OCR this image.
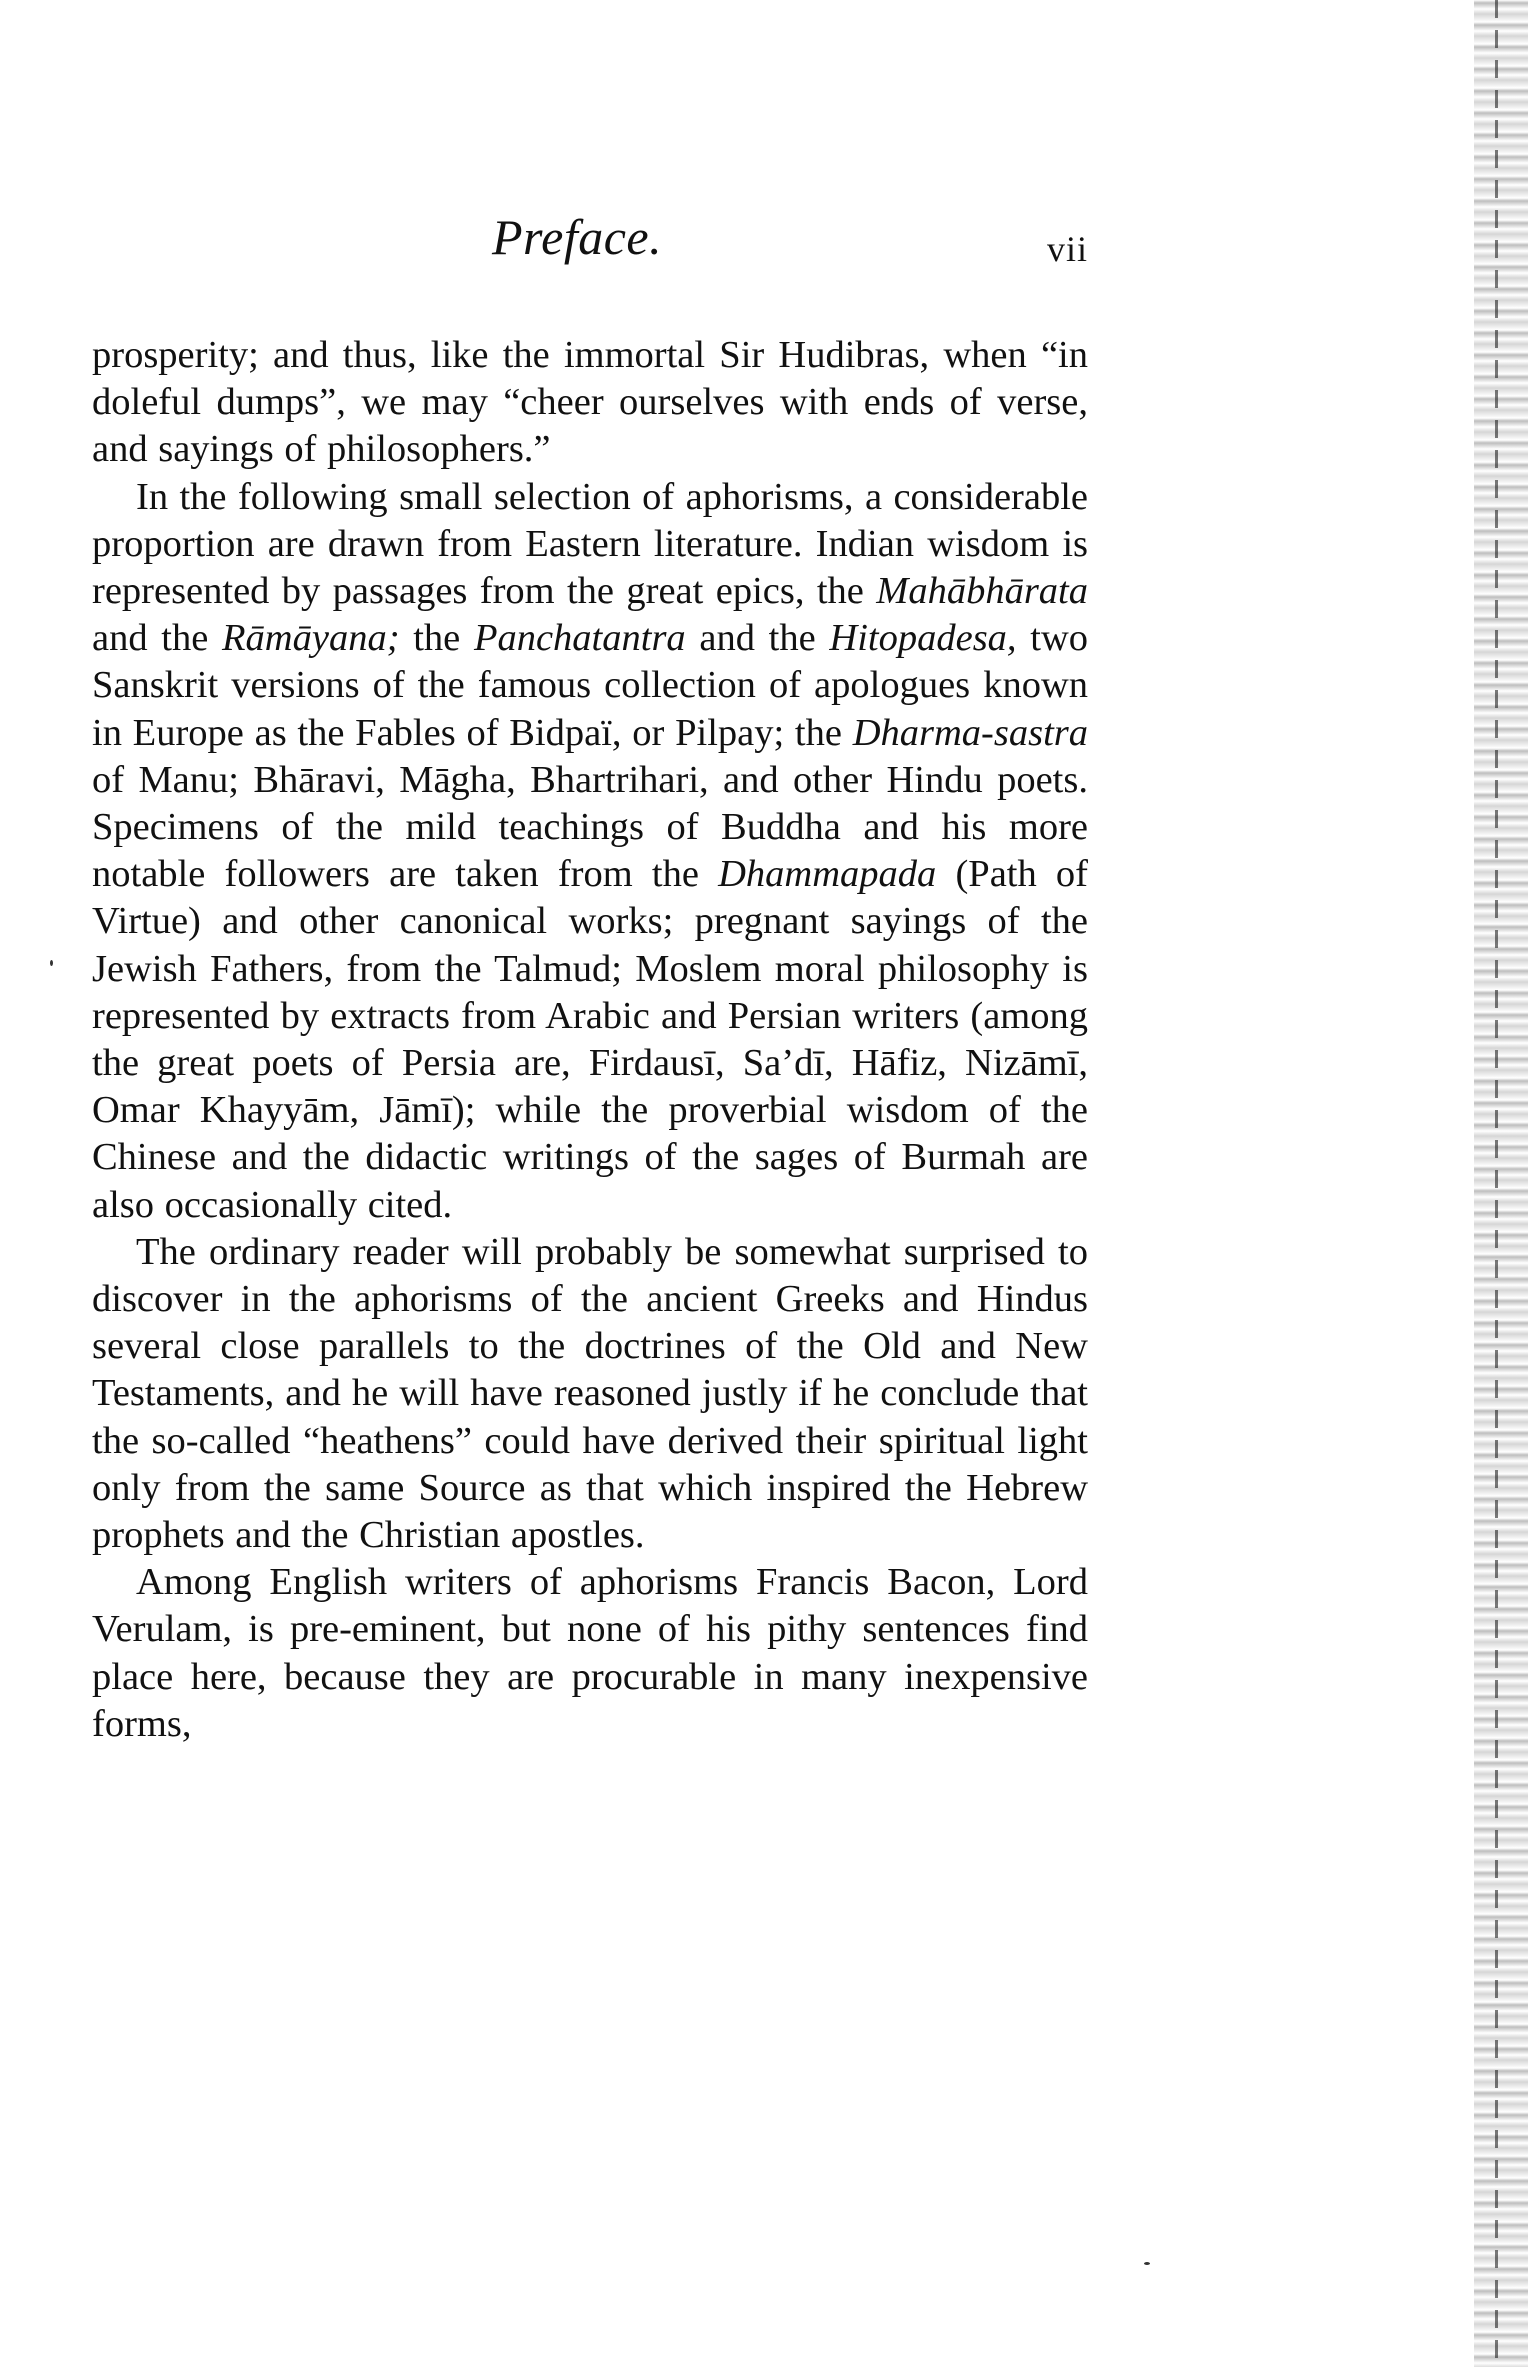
Preface.	vii

prosperity; and thus, like the immortal Sir Hudibras, when “in doleful dumps”, we may “cheer ourselves with ends of verse, and sayings of philosophers.”

In the following small selection of aphorisms, a considerable proportion are drawn from Eastern literature. Indian wisdom is represented by passages from the great epics, the Mahābhārata and the Rāmāyana; the Panchatantra and the Hitopadesa, two Sanskrit versions of the famous collection of apologues known in Europe as the Fables of Bidpaï, or Pilpay; the Dharma-sastra of Manu; Bhāravi, Māgha, Bhartrihari, and other Hindu poets. Specimens of the mild teachings of Buddha and his more notable followers are taken from the Dhammapada (Path of Virtue) and other canonical works; pregnant sayings of the Jewish Fathers, from the Talmud; Moslem moral philosophy is represented by extracts from Arabic and Persian writers (among the great poets of Persia are, Firdausī, Sa’dī, Hāfiz, Nizāmī, Omar Khayyām, Jāmī); while the proverbial wisdom of the Chinese and the didactic writings of the sages of Burmah are also occasionally cited.

The ordinary reader will probably be somewhat surprised to discover in the aphorisms of the ancient Greeks and Hindus several close parallels to the doctrines of the Old and New Testaments, and he will have reasoned justly if he conclude that the so-called “heathens” could have derived their spiritual light only from the same Source as that which inspired the Hebrew prophets and the Christian apostles.

Among English writers of aphorisms Francis Bacon, Lord Verulam, is pre-eminent, but none of his pithy sentences find place here, because they are procurable in many inexpensive forms,
